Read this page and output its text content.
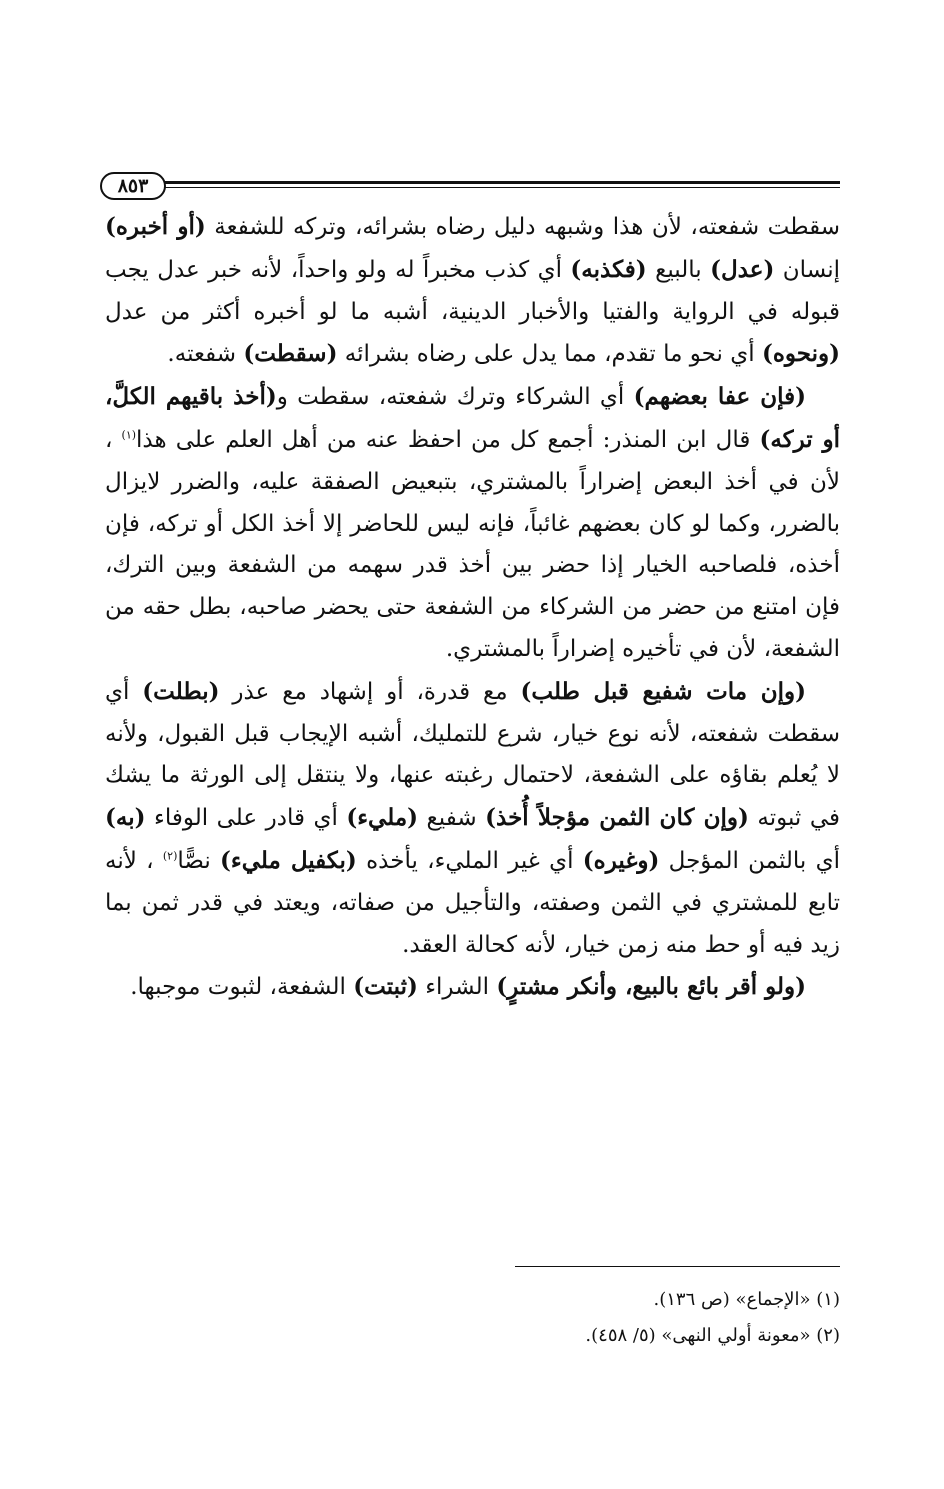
٨٥٣

سقطت شفعته، لأن هذا وشبهه دليل رضاه بشرائه، وتركه للشفعة (أو أخبره) إنسان (عدل) بالبيع (فكذبه) أي كذب مخبراً له ولو واحداً، لأنه خبر عدل يجب قبوله في الرواية والفتيا والأخبار الدينية، أشبه ما لو أخبره أكثر من عدل (ونحوه) أي نحو ما تقدم، مما يدل على رضاه بشرائه (سقطت) شفعته.

(فإن عفا بعضهم) أي الشركاء وترك شفعته، سقطت و(أخذ باقيهم الكلَّ، أو تركه) قال ابن المنذر: أجمع كل من احفظ عنه من أهل العلم على هذا$^{(١)}$ ، لأن في أخذ البعض إضراراً بالمشتري، بتبعيض الصفقة عليه، والضرر لايزال بالضرر، وكما لو كان بعضهم غائباً، فإنه ليس للحاضر إلا أخذ الكل أو تركه، فإن أخذه، فلصاحبه الخيار إذا حضر بين أخذ قدر سهمه من الشفعة وبين الترك، فإن امتنع من حضر من الشركاء من الشفعة حتى يحضر صاحبه، بطل حقه من الشفعة، لأن في تأخيره إضراراً بالمشتري.

(وإن مات شفيع قبل طلب) مع قدرة، أو إشهاد مع عذر (بطلت) أي سقطت شفعته، لأنه نوع خيار، شرع للتمليك، أشبه الإيجاب قبل القبول، ولأنه لا يُعلم بقاؤه على الشفعة، لاحتمال رغبته عنها، ولا ينتقل إلى الورثة ما يشك في ثبوته (وإن كان الثمن مؤجلاً أُخذ) شفيع (مليء) أي قادر على الوفاء (به) أي بالثمن المؤجل (وغيره) أي غير المليء، يأخذه (بكفيل مليء) نصًّا$^{(٢)}$ ، لأنه تابع للمشتري في الثمن وصفته، والتأجيل من صفاته، ويعتد في قدر ثمن بما زيد فيه أو حط منه زمن خيار، لأنه كحالة العقد.

(ولو أقر بائع بالبيع، وأنكر مشترٍ) الشراء (ثبتت) الشفعة، لثبوت موجبها.

(١) «الإجماع» (ص ١٣٦).
(٢) «معونة أولي النهى» (٥/ ٤٥٨).
